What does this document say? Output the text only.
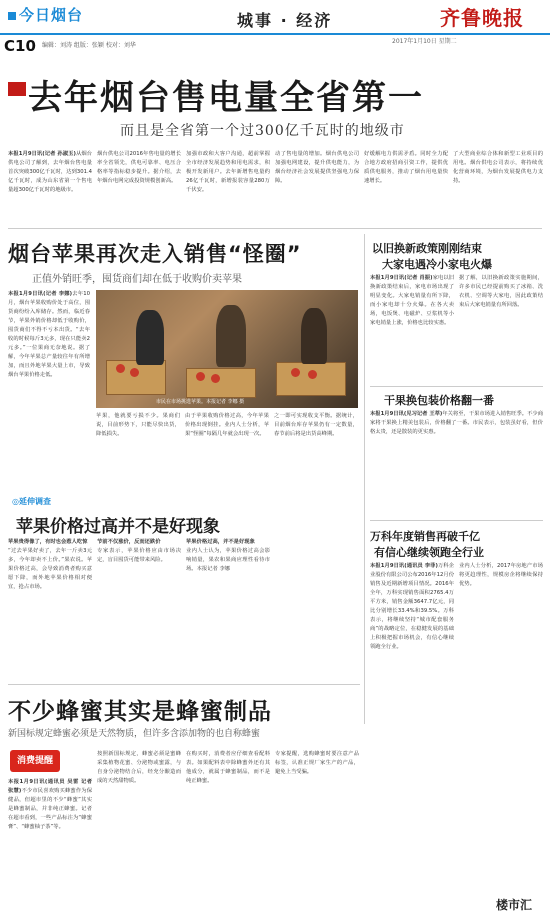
今日烟台	城事 · 经济	齐鲁晚报
2017年1月10日 星期二
C10 编辑：刘涛 组版：张颖 校对：刘华
去年烟台售电量全省第一
而且是全省第一个过300亿千瓦时的地级市
本报1月9日讯(记者 孙淑玉)从烟台供电公司了解到，去年烟台售电量首次突破300亿千瓦时，达到301.4亿千瓦时，成为山东省第一个售电量超300亿千瓦时的地级市。
烟台供电公司2016年售电量的增长率全省领先，供电可靠率、电压合格率等指标稳步提升。据介绍，去年烟台电网完成投资规模创新高。
加强市政和大客户沟通，超前掌握全市经济发展趋势和用电需求，积极开发新用户。去年新增售电量约26亿千瓦时，新增报装容量280万千伏安。
动了售电量的增加。烟台供电公司加强电网建设，提升供电能力，为烟台经济社会发展提供坚强电力保障。
好缓解电力供需矛盾。同时全力配合地方政府招商引资工作，提供优质供电服务，推动了烟台用电量快速增长。
了大型商业综合体和新型工业项目的用电。烟台供电公司表示，将持续优化营商环境，为烟台发展提供电力支持。
烟台苹果再次走入销售“怪圈”
正值外销旺季，囤货商们却在低于收购价卖苹果
本报1月9日讯(记者 李娜)去年10月，烟台苹果收购价处于高位，囤货商纷纷入库储存。然而，临近春节，苹果外销价格却低于收购价，囤货商们不得不亏本出货。“去年收的时候每斤3元多，现在只能卖2元多。”一位果商无奈地说。据了解，今年苹果总产量较往年有所增加，而且外地苹果大量上市，导致烟台苹果价格走低。
市民在市场挑选苹果。本报记者 李娜 摄
苹果，他就要亏损不少。果商们说，目前形势下，只能尽快出货，降低损失。
由于苹果收购价格过高，今年苹果价格出现倒挂。业内人士分析，苹果“怪圈”每隔几年就会出现一次。
之一即可实现收支平衡。据统计，目前烟台库存苹果仍有一定数量，春节前后将是出货高峰期。
以旧换新政策刚刚结束
大家电遇冷小家电火爆
本报1月9日讯(记者 肖振)家电以旧换新政策结束后，家电市场出现了明显变化。大家电销量有所下降，而小家电却十分火爆。在各大卖场，电饭煲、电磁炉、豆浆机等小家电销量上涨，价格也比较实惠。
据了解，以旧换新政策实施期间，许多市民已经提前购买了冰箱、洗衣机、空调等大家电，因此政策结束后大家电销量有所回落。
干果换包装价格翻一番
本报1月9日讯(见习记者 王萃)年关将至，干果市场进入销售旺季。不少商家将干果换上精美包装后，价格翻了一番。市民表示，包装虽好看，但价格太贵，还是散装的更实惠。
◎延伸调查
苹果价格过高并不是好现象
苹果贵得像了，有时也会惹人吃惊
“过去苹果好卖了，去年一斤卖3元多，今年却卖不上价。”果农说。苹果价格过高，会导致消费者购买意愿下降，而外地苹果价格相对便宜，抢占市场。
节前不仅涨价，反而还跌价
专家表示，苹果价格应由市场决定，盲目囤货可能带来风险。
苹果价格过高，并不是好现象
业内人士认为，苹果价格过高会影响销量，果农和果商应理性看待市场。本报记者 李娜
万科年度销售再破千亿
有信心继续领跑全行业
本报1月9日讯(通讯员 李菲)万科企业股份有限公司公布2016年12月份销售及近期新增项目情况。2016年全年，万科实现销售面积2765.4万平方米，销售金额3647.7亿元，同比分别增长33.4%和39.5%。万科表示，将继续坚持“城市配套服务商”的战略定位，在稳健发展的基础上积极把握市场机会，有信心继续领跑全行业。
业内人士分析，2017年房地产市场将更趋理性，规模房企将继续保持优势。
楼市汇
不少蜂蜜其实是蜂蜜制品
新国标规定蜂蜜必须是天然物质，但许多含添加物的也自称蜂蜜
消费提醒
本报1月9日讯(通讯员 吴雷 记者 张慧)不少市民喜欢购买蜂蜜作为保健品，但超市里的不少“蜂蜜”其实是蜂蜜制品，并非纯正蜂蜜。记者在超市看到，一些产品标注为“蜂蜜膏”、“蜂蜜柚子茶”等。
按照新国标规定，蜂蜜必须是蜜蜂采集植物花蜜、分泌物或蜜露，与自身分泌物结合后，经充分酿造而成的天然甜物质。
在购买时，消费者应仔细查看配料表。如果配料表中除蜂蜜外还有其他成分，就属于蜂蜜制品，而不是纯正蜂蜜。
专家提醒，选购蜂蜜时要注意产品标签，认准正规厂家生产的产品，避免上当受骗。
